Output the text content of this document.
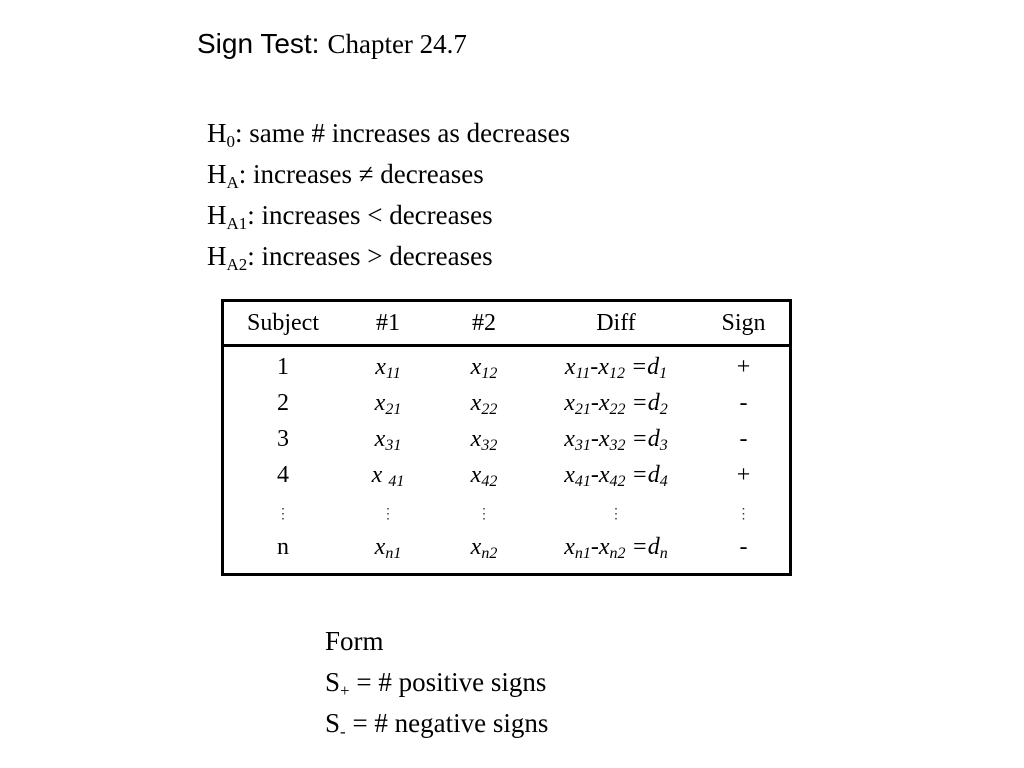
Sign Test: Chapter 24.7
$H_0$: same # increases as decreases
$H_A$: increases ≠ decreases
$H_{A1}$: increases < decreases
$H_{A2}$: increases > decreases
Subject	#1	#2	Diff	Sign
1	$x_{11}$	$x_{12}$	$x_{11}-x_{12} =d_1$	+
2	$x_{21}$	$x_{22}$	$x_{21}-x_{22} =d_2$	-
3	$x_{31}$	$x_{32}$	$x_{31}-x_{32} =d_3$	-
4	x $_{41}$	$x_{42}$	$x_{41}-x_{42} =d_4$	+
⋮	⋮	⋮	⋮	⋮
n	$x_{n1}$	$x_{n2}$	$x_{n1}-x_{n2} =d_n$	-
Form
$S_+$ = # positive signs
$S_-$ = # negative signs
